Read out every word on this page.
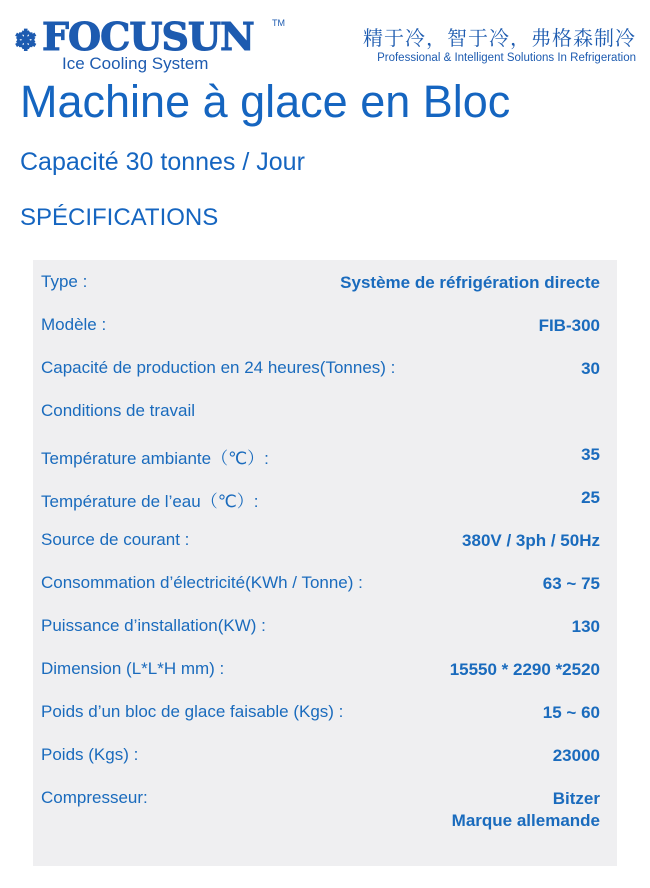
❄ FOCUSUN TM
Ice Cooling System
精于冷，智于冷，弗格森制冷
Professional & Intelligent Solutions In Refrigeration
Machine à glace en Bloc
Capacité 30 tonnes / Jour
SPÉCIFICATIONS
Type :	Système de réfrigération directe
Modèle :	FIB-300
Capacité de production en 24 heures(Tonnes) :	30
Conditions de travail
Température ambiante（℃）:	35
Température de l’eau（℃）:	25
Source de courant :	380V / 3ph / 50Hz
Consommation d’électricité(KWh / Tonne) :	63 ~ 75
Puissance d’installation(KW) :	130
Dimension (L*L*H mm) :	15550 * 2290 *2520
Poids d’un bloc de glace faisable (Kgs) :	15 ~ 60
Poids (Kgs) :	23000
Compresseur:	Bitzer
Marque allemande
